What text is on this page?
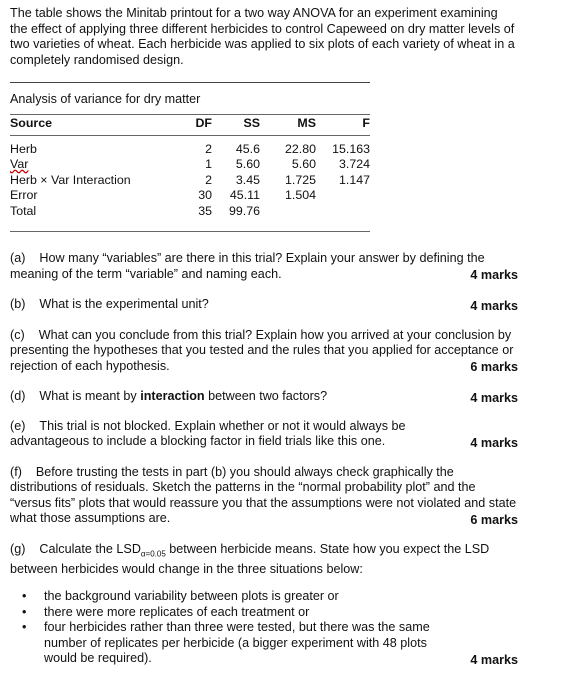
The table shows the Minitab printout for a two way ANOVA for an experiment examining the effect of applying three different herbicides to control Capeweed on dry matter levels of two varieties of wheat. Each herbicide was applied to six plots of each variety of wheat in a completely randomised design.

Analysis of variance for dry matter

Source	DF	SS	MS	F
Herb	2	45.6	22.80	15.163
Var	1	5.60	5.60	3.724
Herb × Var Interaction	2	3.45	1.725	1.147
Error	30	45.11	1.504	
Total	35	99.76		

(a) How many “variables” are there in this trial? Explain your answer by defining the meaning of the term “variable” and naming each.	4 marks

(b) What is the experimental unit?	4 marks

(c) What can you conclude from this trial? Explain how you arrived at your conclusion by presenting the hypotheses that you tested and the rules that you applied for acceptance or rejection of each hypothesis.	6 marks

(d) What is meant by interaction between two factors?	4 marks

(e) This trial is not blocked. Explain whether or not it would always be advantageous to include a blocking factor in field trials like this one.	4 marks

(f) Before trusting the tests in part (b) you should always check graphically the distributions of residuals. Sketch the patterns in the “normal probability plot” and the “versus fits” plots that would reassure you that the assumptions were not violated and state what those assumptions are.	6 marks

(g) Calculate the $LSD_{\alpha=0.05}$ between herbicide means. State how you expect the LSD between herbicides would change in the three situations below:

• the background variability between plots is greater or
• there were more replicates of each treatment or
• four herbicides rather than three were tested, but there was the same number of replicates per herbicide (a bigger experiment with 48 plots would be required).	4 marks
